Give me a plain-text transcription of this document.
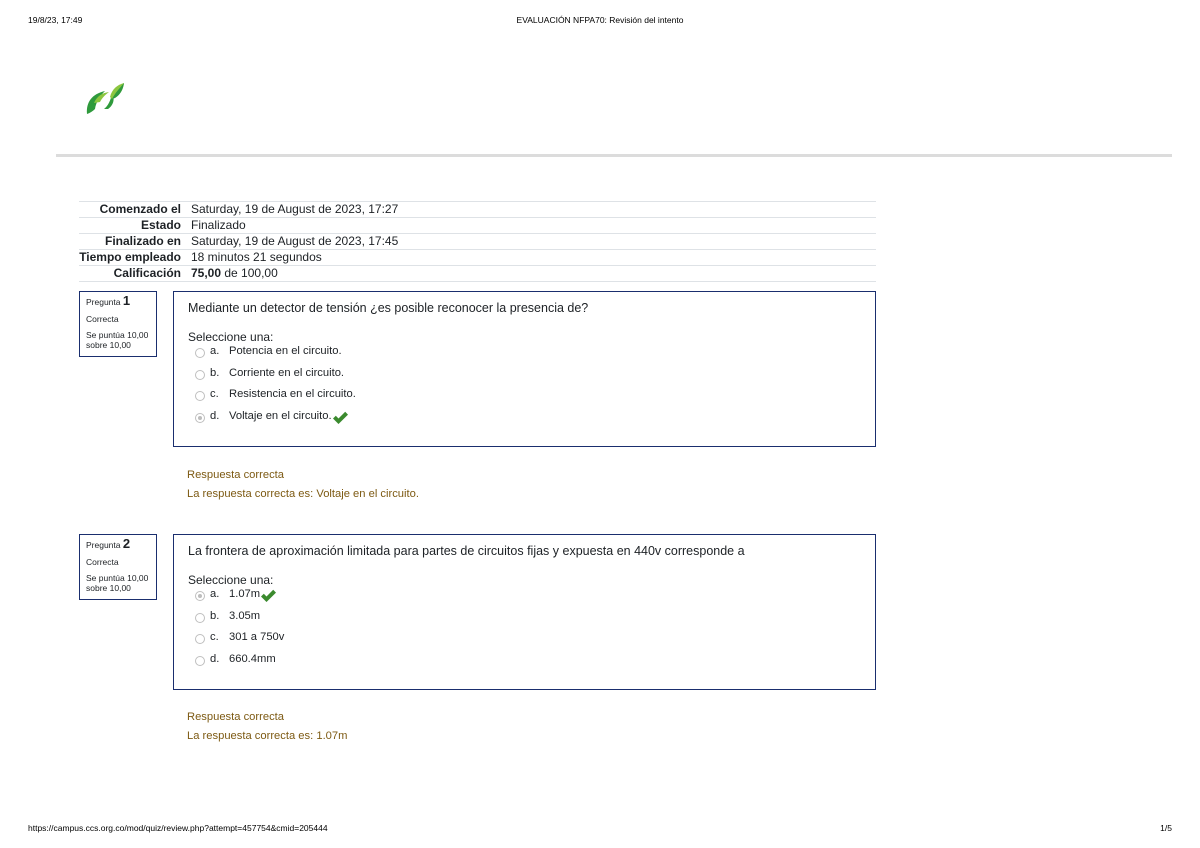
19/8/23, 17:49	EVALUACIÓN NFPA70: Revisión del intento
Comenzado el	Saturday, 19 de August de 2023, 17:27
Estado	Finalizado
Finalizado en	Saturday, 19 de August de 2023, 17:45
Tiempo empleado	18 minutos 21 segundos
Calificación	75,00 de 100,00
Pregunta 1
Correcta
Se puntúa 10,00 sobre 10,00
Mediante un detector de tensión ¿es posible reconocer la presencia de?
Seleccione una:
a. Potencia en el circuito.
b. Corriente en el circuito.
c. Resistencia en el circuito.
d. Voltaje en el circuito.
Respuesta correcta
La respuesta correcta es: Voltaje en el circuito.
Pregunta 2
Correcta
Se puntúa 10,00 sobre 10,00
La frontera de aproximación limitada para partes de circuitos fijas y expuesta en 440v corresponde a
Seleccione una:
a. 1.07m
b. 3.05m
c. 301 a 750v
d. 660.4mm
Respuesta correcta
La respuesta correcta es: 1.07m
https://campus.ccs.org.co/mod/quiz/review.php?attempt=457754&cmid=205444	1/5
